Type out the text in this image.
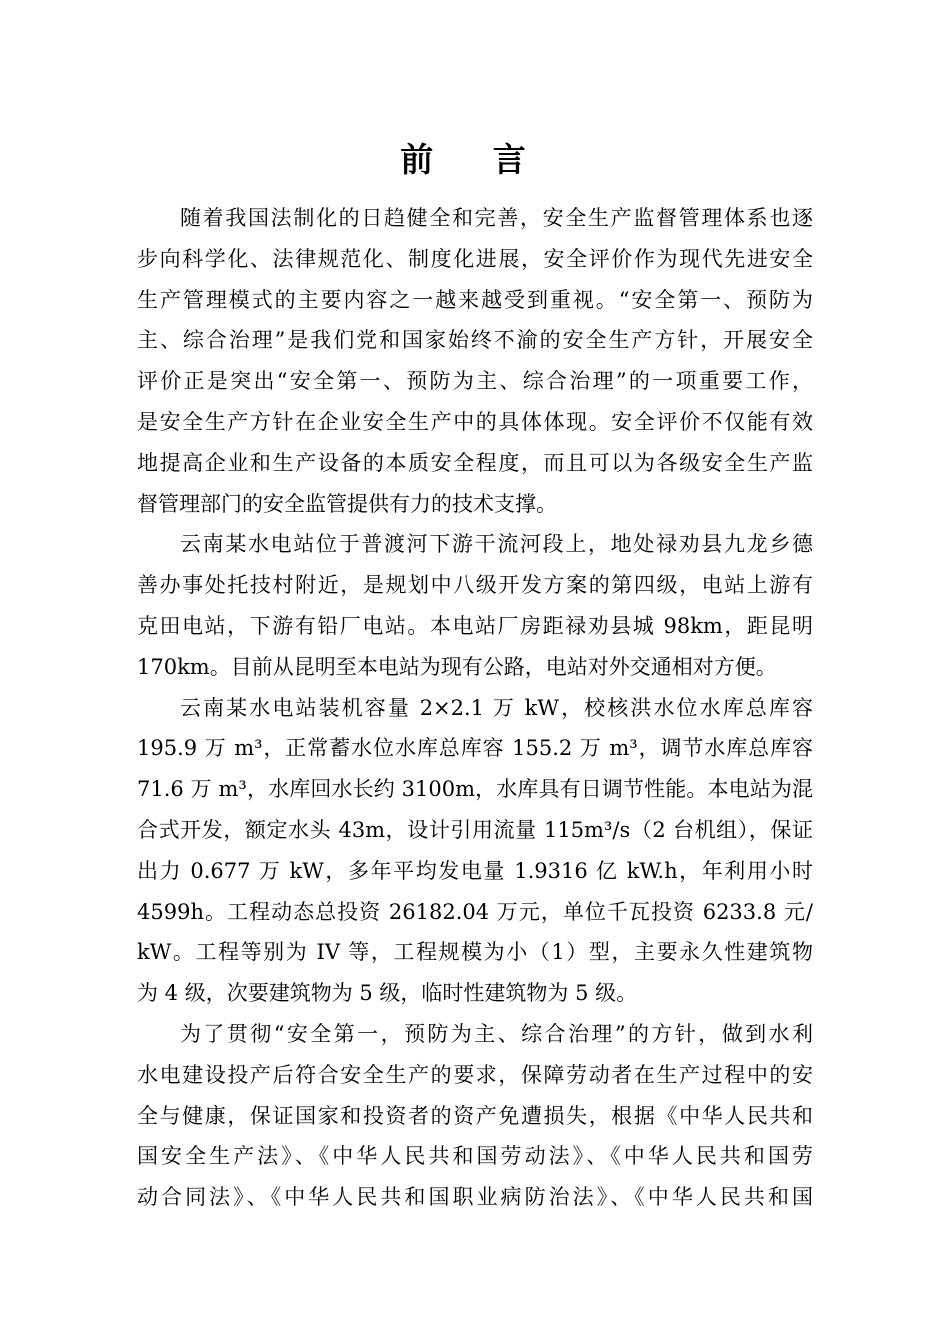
前 言
随着我国法制化的日趋健全和完善，安全生产监督管理体系也逐
步向科学化、法律规范化、制度化进展，安全评价作为现代先进安全
生产管理模式的主要内容之一越来越受到重视。“安全第一、预防为
主、综合治理”是我们党和国家始终不渝的安全生产方针，开展安全
评价正是突出“安全第一、预防为主、综合治理”的一项重要工作，
是安全生产方针在企业安全生产中的具体体现。安全评价不仅能有效
地提高企业和生产设备的本质安全程度，而且可以为各级安全生产监
督管理部门的安全监管提供有力的技术支撑。
云南某水电站位于普渡河下游干流河段上，地处禄劝县九龙乡德
善办事处托技村附近，是规划中八级开发方案的第四级，电站上游有
克田电站，下游有铅厂电站。本电站厂房距禄劝县城 98km，距昆明
170km。目前从昆明至本电站为现有公路，电站对外交通相对方便。
云南某水电站装机容量 2×2.1 万 kW，校核洪水位水库总库容
195.9 万 m³，正常蓄水位水库总库容 155.2 万 m³，调节水库总库容
71.6 万 m³，水库回水长约 3100m，水库具有日调节性能。本电站为混
合式开发，额定水头 43m，设计引用流量 115m³/s（2 台机组），保证
出力 0.677 万 kW，多年平均发电量 1.9316 亿 kW.h，年利用小时
4599h。工程动态总投资 26182.04 万元，单位千瓦投资 6233.8 元/
kW。工程等别为 IV 等，工程规模为小（1）型，主要永久性建筑物
为 4 级，次要建筑物为 5 级，临时性建筑物为 5 级。
为了贯彻“安全第一，预防为主、综合治理”的方针，做到水利
水电建设投产后符合安全生产的要求，保障劳动者在生产过程中的安
全与健康，保证国家和投资者的资产免遭损失，根据《中华人民共和
国安全生产法》、《中华人民共和国劳动法》、《中华人民共和国劳
动合同法》、《中华人民共和国职业病防治法》、《中华人民共和国
